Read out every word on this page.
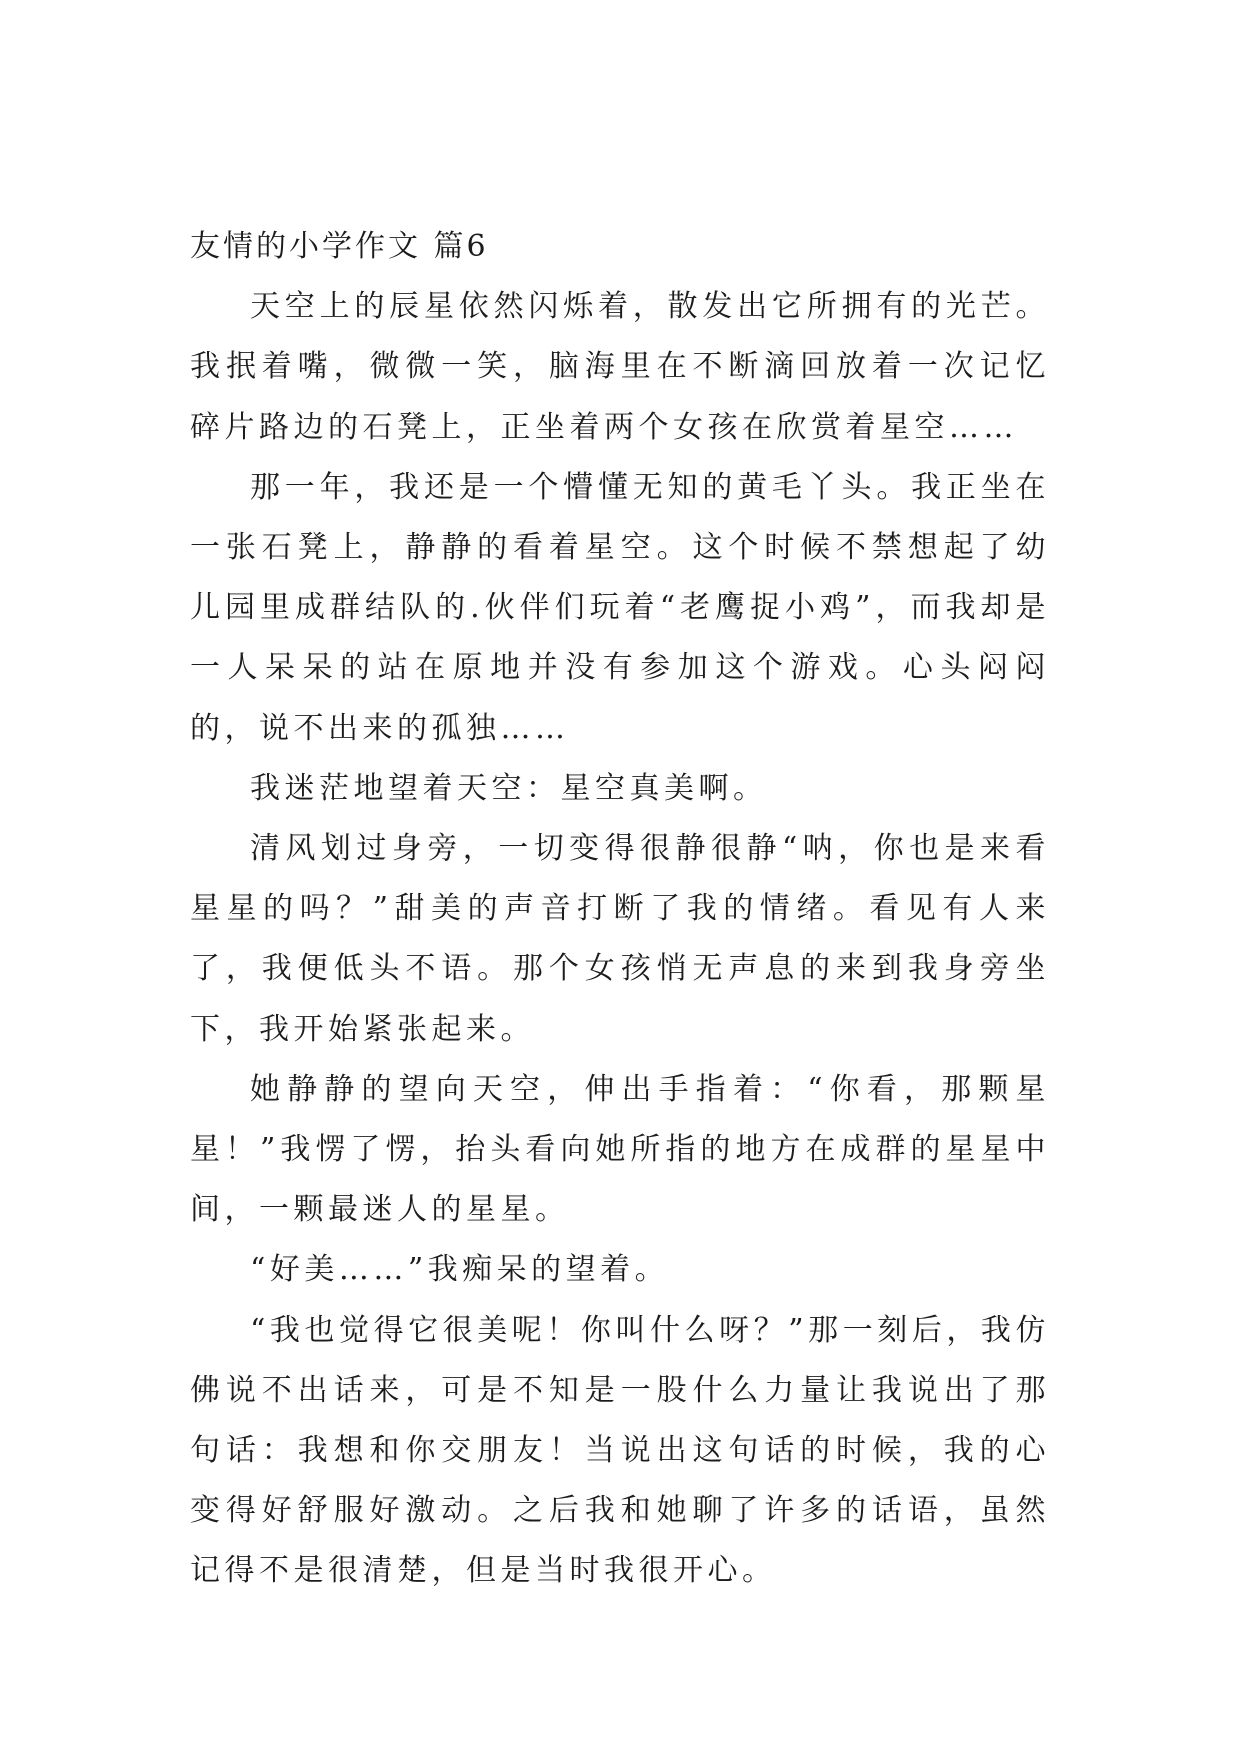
友情的小学作文 篇6

天空上的辰星依然闪烁着，散发出它所拥有的光芒。我抿着嘴，微微一笑，脑海里在不断滴回放着一次记忆碎片路边的石凳上，正坐着两个女孩在欣赏着星空……

那一年，我还是一个懵懂无知的黄毛丫头。我正坐在一张石凳上，静静的看着星空。这个时候不禁想起了幼儿园里成群结队的.伙伴们玩着“老鹰捉小鸡”，而我却是一人呆呆的站在原地并没有参加这个游戏。心头闷闷的，说不出来的孤独……

我迷茫地望着天空：星空真美啊。

清风划过身旁，一切变得很静很静“呐，你也是来看星星的吗？”甜美的声音打断了我的情绪。看见有人来了，我便低头不语。那个女孩悄无声息的来到我身旁坐下，我开始紧张起来。

她静静的望向天空，伸出手指着：“你看，那颗星星！”我愣了愣，抬头看向她所指的地方在成群的星星中间，一颗最迷人的星星。

“好美……”我痴呆的望着。

“我也觉得它很美呢！你叫什么呀？”那一刻后，我仿佛说不出话来，可是不知是一股什么力量让我说出了那句话：我想和你交朋友！当说出这句话的时候，我的心变得好舒服好激动。之后我和她聊了许多的话语，虽然记得不是很清楚，但是当时我很开心。
